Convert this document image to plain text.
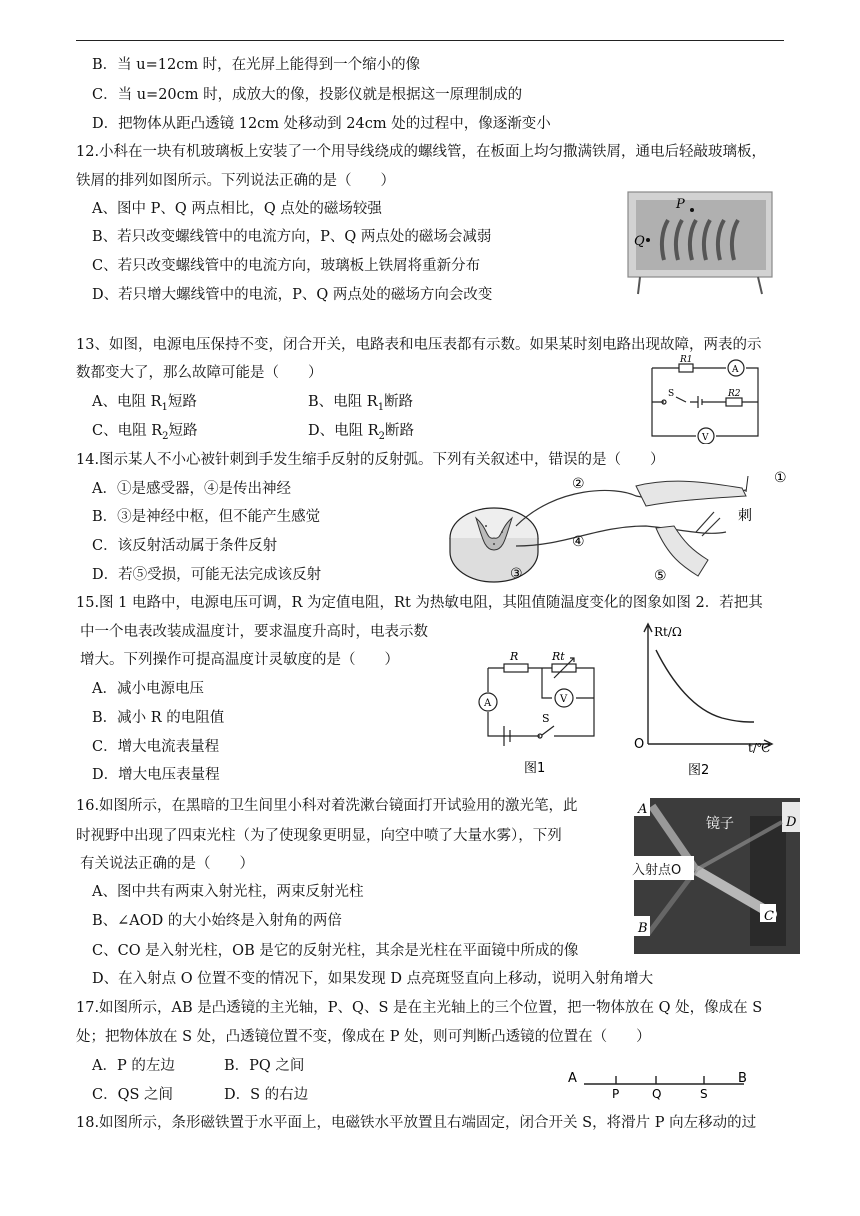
B．当 u=12cm 时，在光屏上能得到一个缩小的像
C．当 u=20cm 时，成放大的像，投影仪就是根据这一原理制成的
D．把物体从距凸透镜 12cm 处移动到 24cm 处的过程中，像逐渐变小
12.小科在一块有机玻璃板上安装了一个用导线绕成的螺线管，在板面上均匀撒满铁屑，通电后轻敲玻璃板，
铁屑的排列如图所示。下列说法正确的是（　　）
A、图中 P、Q 两点相比，Q 点处的磁场较强
B、若只改变螺线管中的电流方向，P、Q 两点处的磁场会减弱
C、若只改变螺线管中的电流方向，玻璃板上铁屑将重新分布
D、若只增大螺线管中的电流，P、Q 两点处的磁场方向会改变
P
Q
13、如图，电源电压保持不变，闭合开关，电路表和电压表都有示数。如果某时刻电路出现故障，两表的示
数都变大了，那么故障可能是（　　）
A、电阻 $R_1$短路	B、电阻 $R_1$断路
C、电阻 $R_2$短路	D、电阻 $R_2$断路
R1
A
S	R2
V
14.图示某人不小心被针刺到手发生缩手反射的反射弧。下列有关叙述中，错误的是（　　）
A．①是感受器，④是传出神经
B．③是神经中枢，但不能产生感觉
C．该反射活动属于条件反射
D．若⑤受损，可能无法完成该反射
①
②
③
④
⑤
刺
15.图 1 电路中，电源电压可调，R 为定值电阻，Rt 为热敏电阻，其阻值随温度变化的图象如图 2．若把其
中一个电表改装成温度计，要求温度升高时，电表示数
增大。下列操作可提高温度计灵敏度的是（　　）
A．减小电源电压
B．减小 R 的电阻值
C．增大电流表量程
D．增大电压表量程
R	Rt
A	V
S
图1
Rt/Ω
O	t/℃
图2
16.如图所示，在黑暗的卫生间里小科对着洗漱台镜面打开试验用的激光笔，此
时视野中出现了四束光柱（为了使现象更明显，向空中喷了大量水雾），下列
有关说法正确的是（　　）
A、图中共有两束入射光柱，两束反射光柱
B、∠AOD 的大小始终是入射角的两倍
C、CO 是入射光柱，OB 是它的反射光柱，其余是光柱在平面镜中所成的像
D、在入射点 O 位置不变的情况下，如果发现 D 点亮斑竖直向上移动，说明入射角增大
A
B
C
D
镜子
入射点O
17.如图所示，AB 是凸透镜的主光轴，P、Q、S 是在主光轴上的三个位置，把一物体放在 Q 处，像成在 S
处；把物体放在 S 处，凸透镜位置不变，像成在 P 处，则可判断凸透镜的位置在（　　）
A．P 的左边	B．PQ 之间
C．QS 之间	D．S 的右边
A	B
P	Q	S
18.如图所示，条形磁铁置于水平面上，电磁铁水平放置且右端固定，闭合开关 S，将滑片 P 向左移动的过
